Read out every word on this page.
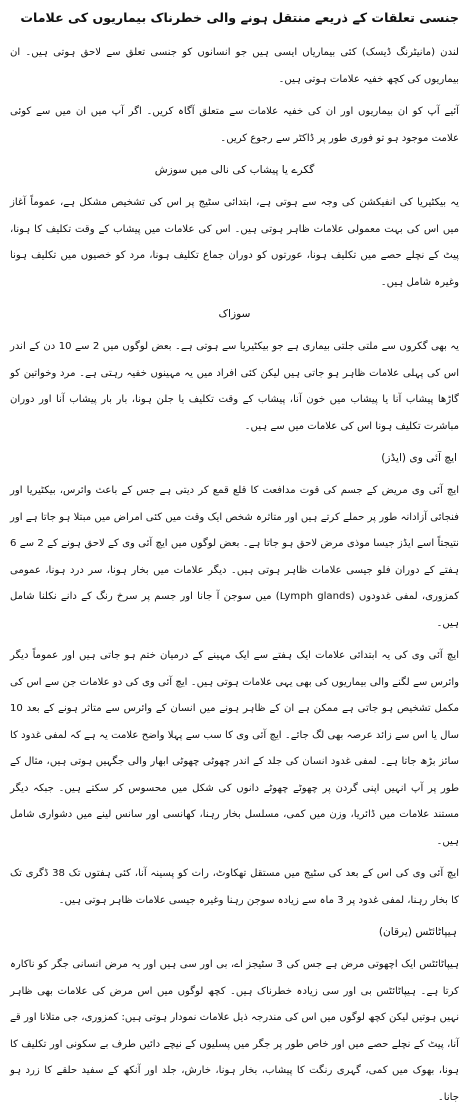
جنسی تعلقات کے ذریعے منتقل ہونے والی خطرناک بیماریوں کی علامات

لندن (مانیٹرنگ ڈیسک) کئی بیماریاں ایسی ہیں جو انسانوں کو جنسی تعلق سے لاحق ہوتی ہیں۔ ان بیماریوں کی کچھ خفیہ علامات ہوتی ہیں۔

آئیے آپ کو ان بیماریوں اور ان کی خفیہ علامات سے متعلق آگاہ کریں۔ اگر آپ میں ان میں سے کوئی علامت موجود ہو تو فوری طور پر ڈاکٹر سے رجوع کریں۔

گکرے یا پیشاب کی نالی میں سوزش

یہ بیکٹیریا کی انفیکشن کی وجہ سے ہوتی ہے، ابتدائی سٹیج پر اس کی تشخیص مشکل ہے، عموماً آغاز میں اس کی بہت معمولی علامات ظاہر ہوتی ہیں۔ اس کی علامات میں پیشاب کے وقت تکلیف کا ہونا، پیٹ کے نچلے حصے میں تکلیف ہونا، عورتوں کو دوران جماع تکلیف ہونا، مرد کو خصیوں میں تکلیف ہونا وغیرہ شامل ہیں۔

سوزاک

یہ بھی گکروں سے ملتی جلتی بیماری ہے جو بیکٹیریا سے ہوتی ہے۔ بعض لوگوں میں 2 سے 10 دن کے اندر اس کی پہلی علامات ظاہر ہو جاتی ہیں لیکن کئی افراد میں یہ مہینوں خفیہ رہتی ہے۔ مرد وخواتین کو گاڑھا پیشاب آنا یا پیشاب میں خون آنا، پیشاب کے وقت تکلیف یا جلن ہونا، بار بار پیشاب آنا اور دوران مباشرت تکلیف ہونا اس کی علامات میں سے ہیں۔

ایچ آئی وی (ایڈز)

ایچ آئی وی مریض کے جسم کی قوت مدافعت کا قلع قمع کر دیتی ہے جس کے باعث وائرس، بیکٹیریا اور فنجائی آزادانہ طور پر حملے کرتے ہیں اور متاثرہ شخص ایک وقت میں کئی امراض میں مبتلا ہو جاتا ہے اور نتیجتاً اسے ایڈز جیسا موذی مرض لاحق ہو جاتا ہے۔ بعض لوگوں میں ایچ آئی وی کے لاحق ہونے کے 2 سے 6 ہفتے کے دوران فلو جیسی علامات ظاہر ہوتی ہیں۔ دیگر علامات میں بخار ہونا، سر درد ہونا، عمومی کمزوری، لمفی غدودوں (Lymph glands) میں سوجن آ جانا اور جسم پر سرخ رنگ کے دانے نکلنا شامل ہیں۔

ایچ آئی وی کی یہ ابتدائی علامات ایک ہفتے سے ایک مہینے کے درمیان ختم ہو جاتی ہیں اور عموماً دیگر وائرس سے لگنے والی بیماریوں کی بھی یہی علامات ہوتی ہیں۔ ایچ آئی وی کی دو علامات جن سے اس کی مکمل تشخیص ہو جاتی ہے ممکن ہے ان کے ظاہر ہونے میں انسان کے وائرس سے متاثر ہونے کے بعد 10 سال یا اس سے زائد عرصہ بھی لگ جائے۔ ایچ آئی وی کا سب سے پہلا واضح علامت یہ ہے کہ لمفی غدود کا سائز بڑھ جاتا ہے۔ لمفی غدود انسان کی جلد کے اندر چھوٹی چھوٹی ابھار والی جگہیں ہوتی ہیں، مثال کے طور پر آپ انہیں اپنی گردن پر چھوٹے چھوٹے دانوں کی شکل میں محسوس کر سکتے ہیں۔ جبکہ دیگر مستند علامات میں ڈائریا، وزن میں کمی، مسلسل بخار رہنا، کھانسی اور سانس لینے میں دشواری شامل ہیں۔

ایچ آئی وی کی اس کے بعد کی سٹیج میں مستقل تھکاوٹ، رات کو پسینہ آنا، کئی ہفتوں تک 38 ڈگری تک کا بخار رہنا، لمفی غدود پر 3 ماہ سے زیادہ سوجن رہنا وغیرہ جیسی علامات ظاہر ہوتی ہیں۔

ہیپاٹائٹس (یرقان)

ہیپاٹائٹس ایک اچھوتی مرض ہے جس کی 3 سٹیجز اے، بی اور سی ہیں اور یہ مرض انسانی جگر کو ناکارہ کرتا ہے۔ ہیپاٹائٹس بی اور سی زیادہ خطرناک ہیں۔ کچھ لوگوں میں اس مرض کی علامات بھی ظاہر نہیں ہوتیں لیکن کچھ لوگوں میں اس کی مندرجہ ذیل علامات نمودار ہوتی ہیں: کمزوری، جی متلانا اور قے آنا، پیٹ کے نچلے حصے میں اور خاص طور پر جگر میں پسلیوں کے نیچے دائیں طرف بے سکونی اور تکلیف کا ہونا، بھوک میں کمی، گہری رنگت کا پیشاب، بخار ہونا، خارش، جلد اور آنکھ کے سفید حلقے کا زرد ہو جانا۔
